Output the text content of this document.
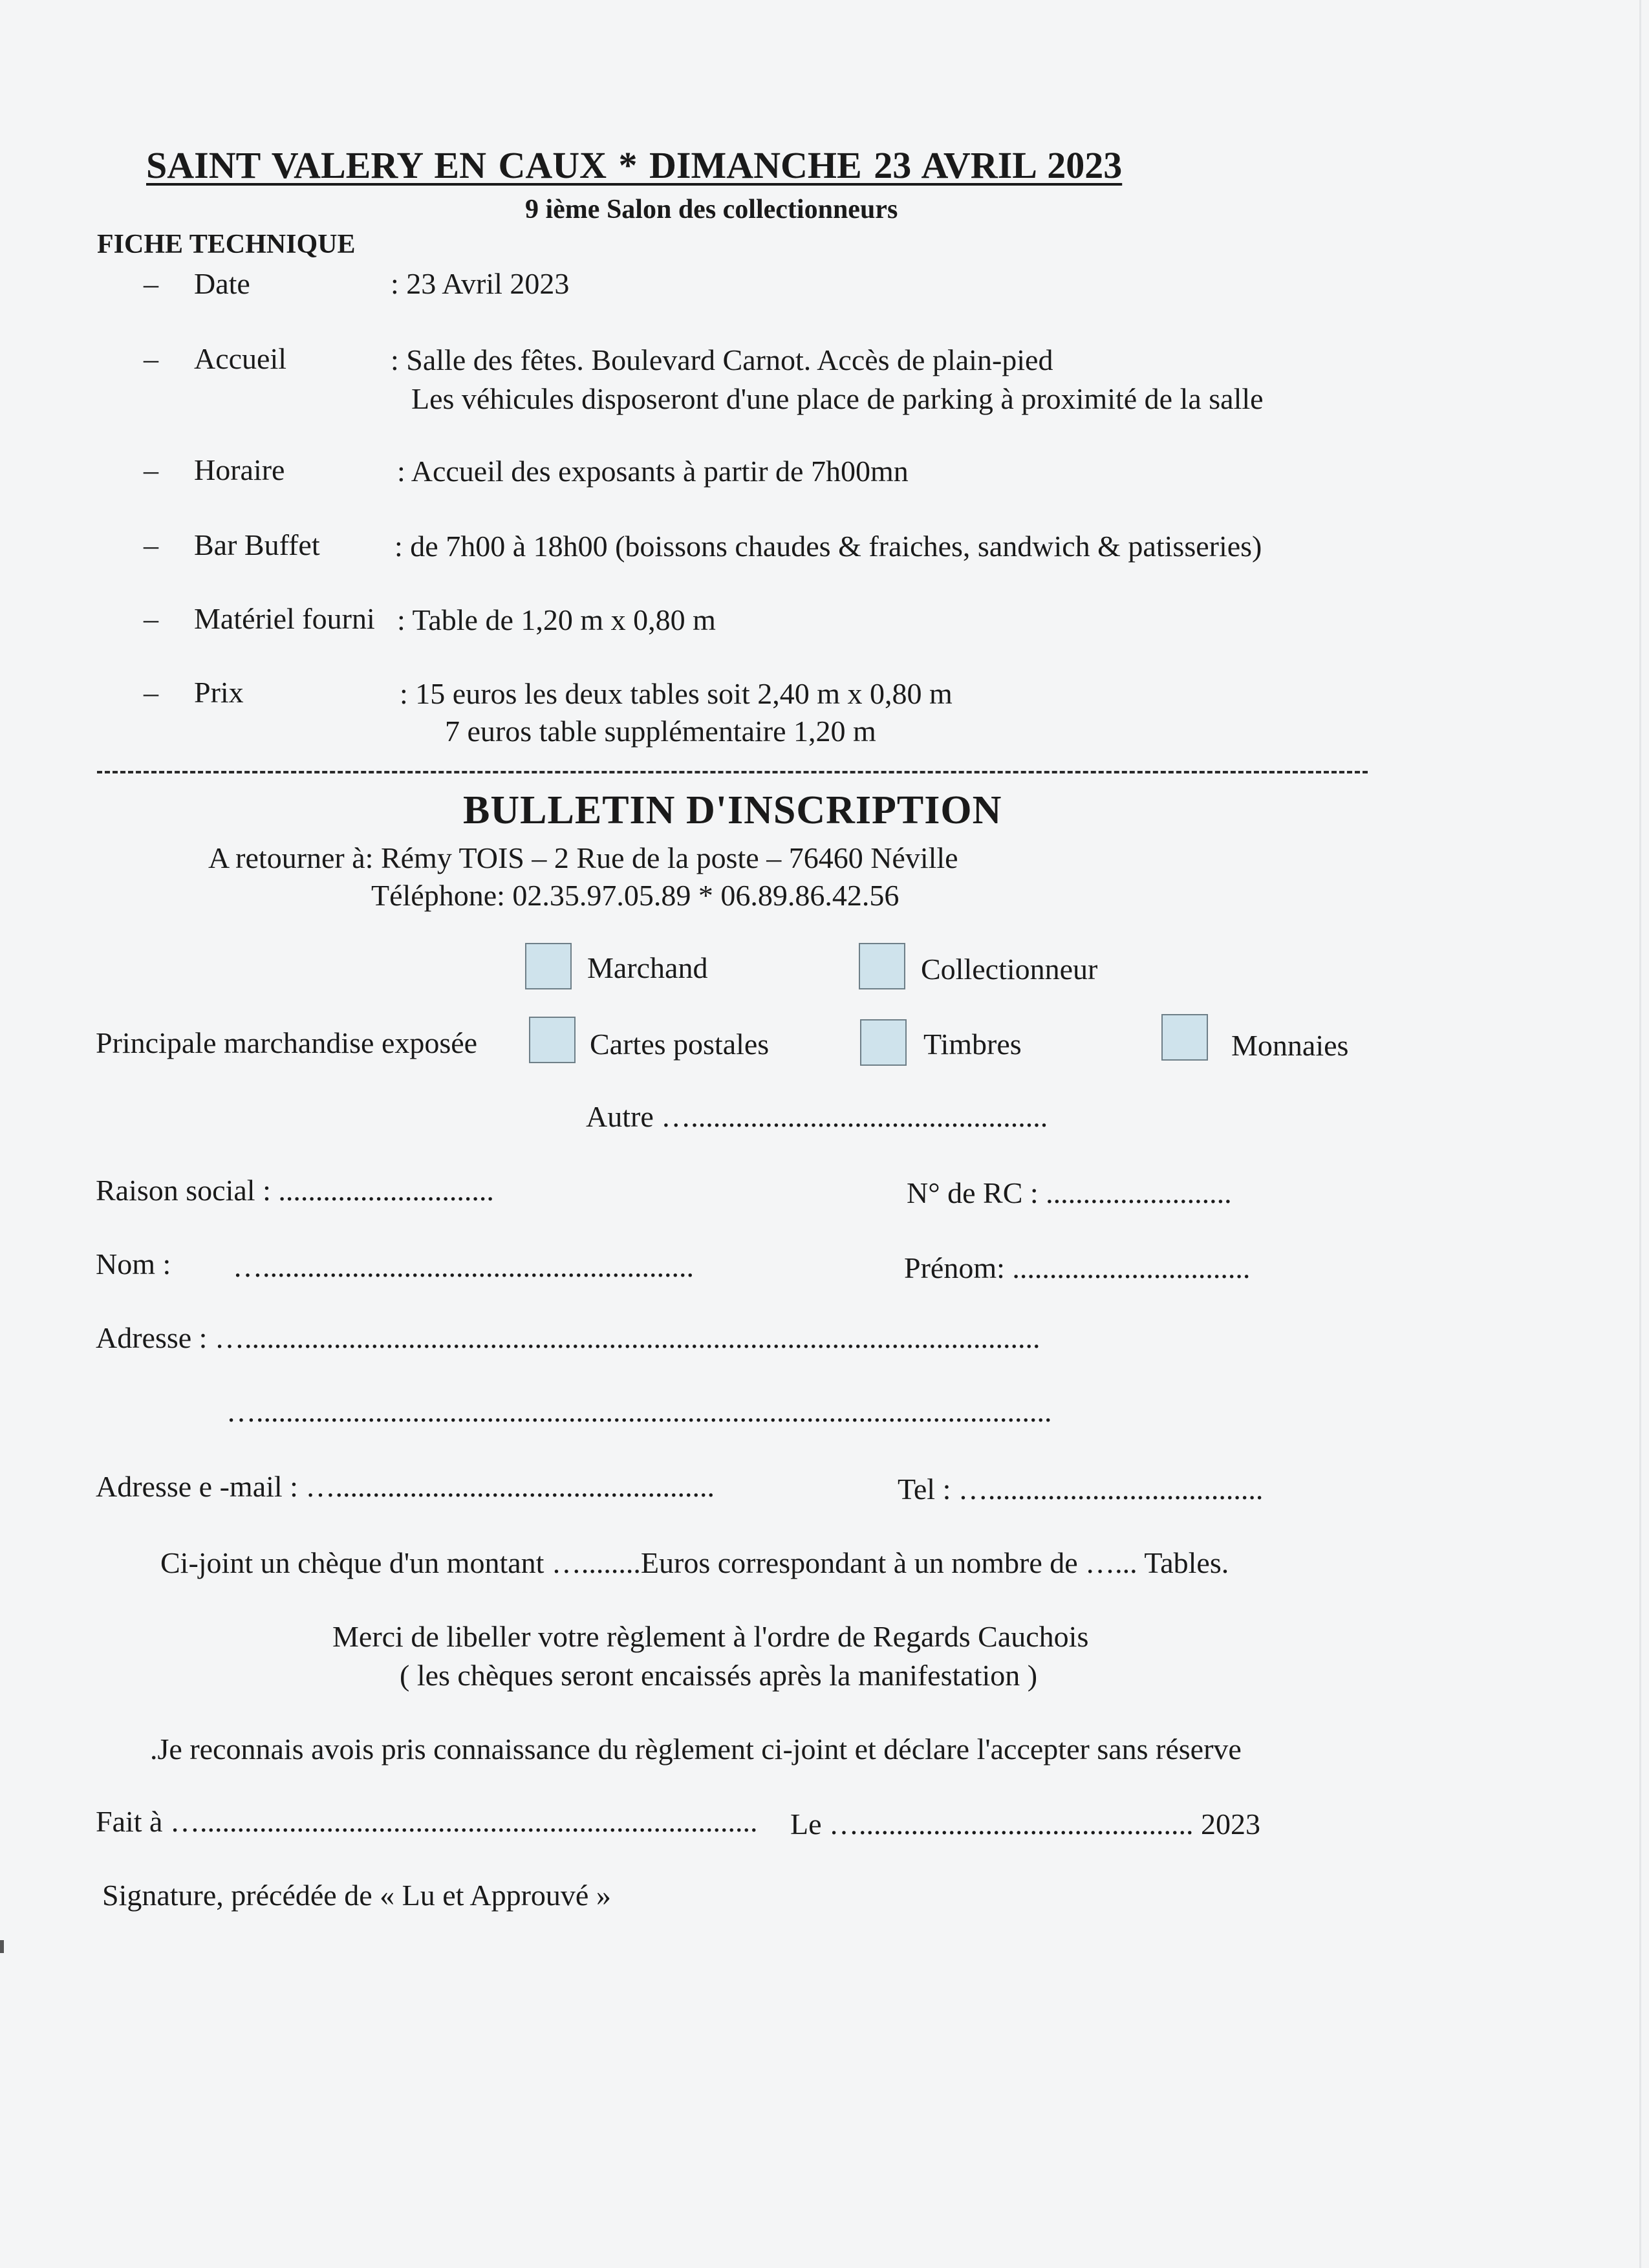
SAINT VALERY EN CAUX * DIMANCHE 23 AVRIL 2023
9 ième Salon des collectionneurs
FICHE TECHNIQUE
– Date	: 23 Avril 2023
– Accueil	: Salle des fêtes. Boulevard Carnot. Accès de plain-pied
Les véhicules disposeront d'une place de parking à proximité de la salle
– Horaire	: Accueil des exposants à partir de 7h00mn
– Bar Buffet	: de 7h00 à 18h00 (boissons chaudes & fraiches, sandwich & patisseries)
– Matériel fourni : Table de 1,20 m x 0,80 m
– Prix	: 15 euros les deux tables soit 2,40 m x 0,80 m
7 euros table supplémentaire 1,20 m
BULLETIN D'INSCRIPTION
A retourner à: Rémy TOIS – 2 Rue de la poste – 76460 Néville
Téléphone: 02.35.97.05.89 * 06.89.86.42.56
Marchand	Collectionneur
Principale marchandise exposée	Cartes postales	Timbres	Monnaies
Autre …................................................
Raison social : .............................	N° de RC : .........................
Nom : …..........................................................	Prénom: ................................
Adresse : …...........................................................................................................
…...........................................................................................................
Adresse e -mail : …...................................................	Tel : ….....................................
Ci-joint un chèque d'un montant …........Euros correspondant à un nombre de …... Tables.
Merci de libeller votre règlement à l'ordre de Regards Cauchois
( les chèques seront encaissés après la manifestation )
.Je reconnais avois pris connaissance du règlement ci-joint et déclare l'accepter sans réserve
Fait à …........................................................................... Le …............................................. 2023
Signature, précédée de « Lu et Approuvé »
